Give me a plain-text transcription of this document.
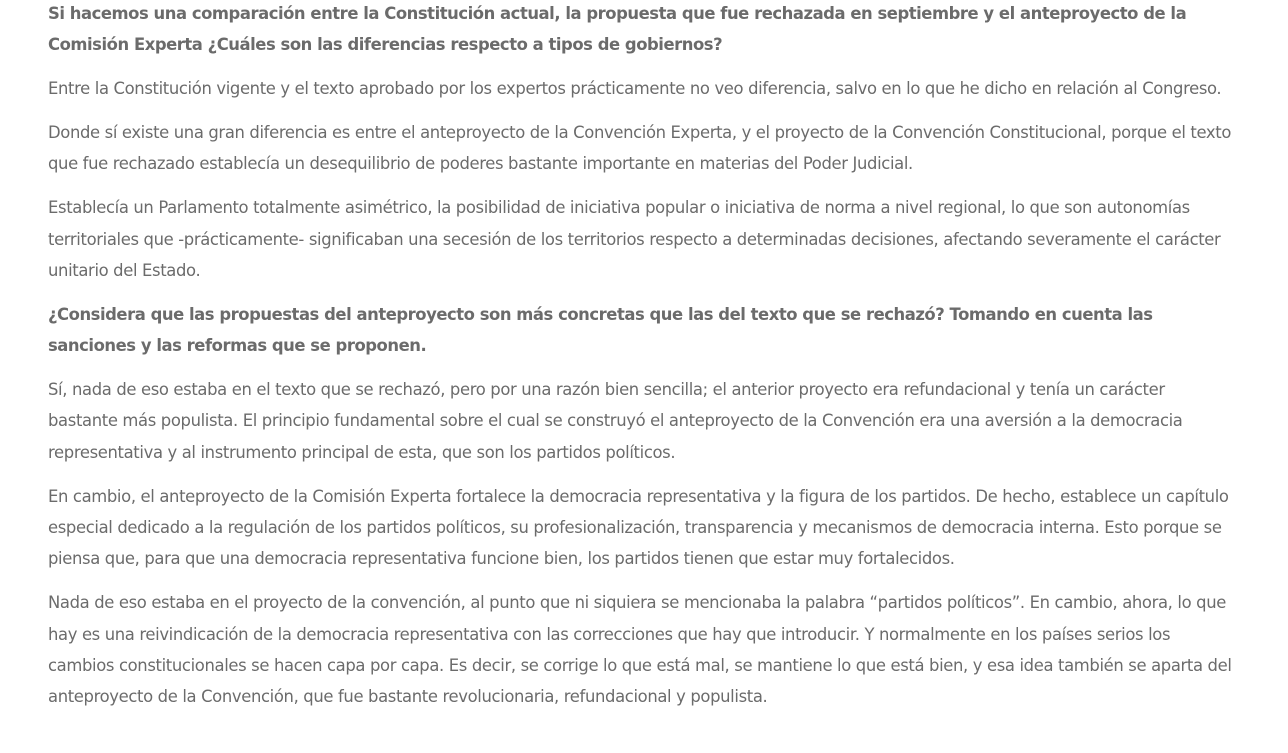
Si hacemos una comparación entre la Constitución actual, la propuesta que fue rechazada en septiembre y el anteproyecto de la Comisión Experta ¿Cuáles son las diferencias respecto a tipos de gobiernos?

Entre la Constitución vigente y el texto aprobado por los expertos prácticamente no veo diferencia, salvo en lo que he dicho en relación al Congreso.

Donde sí existe una gran diferencia es entre el anteproyecto de la Convención Experta, y el proyecto de la Convención Constitucional, porque el texto que fue rechazado establecía un desequilibrio de poderes bastante importante en materias del Poder Judicial.

Establecía un Parlamento totalmente asimétrico, la posibilidad de iniciativa popular o iniciativa de norma a nivel regional, lo que son autonomías territoriales que -prácticamente- significaban una secesión de los territorios respecto a determinadas decisiones, afectando severamente el carácter unitario del Estado.

¿Considera que las propuestas del anteproyecto son más concretas que las del texto que se rechazó? Tomando en cuenta las sanciones y las reformas que se proponen.

Sí, nada de eso estaba en el texto que se rechazó, pero por una razón bien sencilla; el anterior proyecto era refundacional y tenía un carácter bastante más populista. El principio fundamental sobre el cual se construyó el anteproyecto de la Convención era una aversión a la democracia representativa y al instrumento principal de esta, que son los partidos políticos.

En cambio, el anteproyecto de la Comisión Experta fortalece la democracia representativa y la figura de los partidos. De hecho, establece un capítulo especial dedicado a la regulación de los partidos políticos, su profesionalización, transparencia y mecanismos de democracia interna. Esto porque se piensa que, para que una democracia representativa funcione bien, los partidos tienen que estar muy fortalecidos.

Nada de eso estaba en el proyecto de la convención, al punto que ni siquiera se mencionaba la palabra “partidos políticos”. En cambio, ahora, lo que hay es una reivindicación de la democracia representativa con las correcciones que hay que introducir. Y normalmente en los países serios los cambios constitucionales se hacen capa por capa. Es decir, se corrige lo que está mal, se mantiene lo que está bien, y esa idea también se aparta del anteproyecto de la Convención, que fue bastante revolucionaria, refundacional y populista.
